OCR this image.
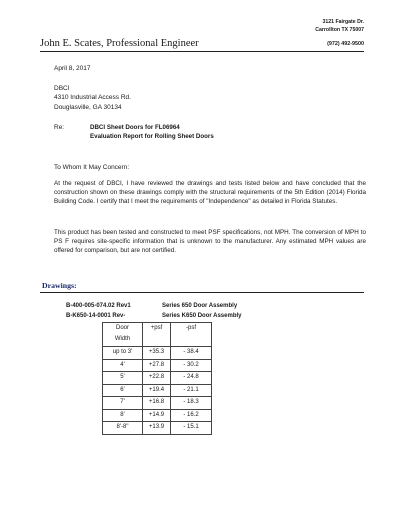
3121 Fairgate Dr.
Carrollton TX 75007
John E. Scates, Professional Engineer	(972) 492-9500
April 8, 2017
DBCI
4310 Industrial Access Rd.
Douglasville, GA 30134
Re:	DBCI Sheet Doors for FL06964
Evaluation Report for Rolling Sheet Doors
To Whom It May Concern:
At the request of DBCI, I have reviewed the drawings and tests listed below and have concluded that the construction shown on these drawings comply with the structural requirements of the 5th Edition (2014) Florida Building Code. I certify that I meet the requirements of "Independence" as detailed in Florida Statutes.
This product has been tested and constructed to meet PSF specifications, not MPH. The conversion of MPH to PS F requires site-specific information that is unknown to the manufacturer. Any estimated MPH values are offered for comparison, but are not certified.
Drawings:
B-400-005-074.02 Rev1	Series 650 Door Assembly
B-K650-14-0001 Rev-	Series K650 Door Assembly
Door Width	+psf	-psf
up to 3'	+35.3	- 38.4
4'	+27.8	- 30.2
5'	+22.8	- 24.8
6'	+19.4	- 21.1
7'	+16.8	- 18.3
8'	+14.9	- 16.2
8'-8"	+13.9	- 15.1
